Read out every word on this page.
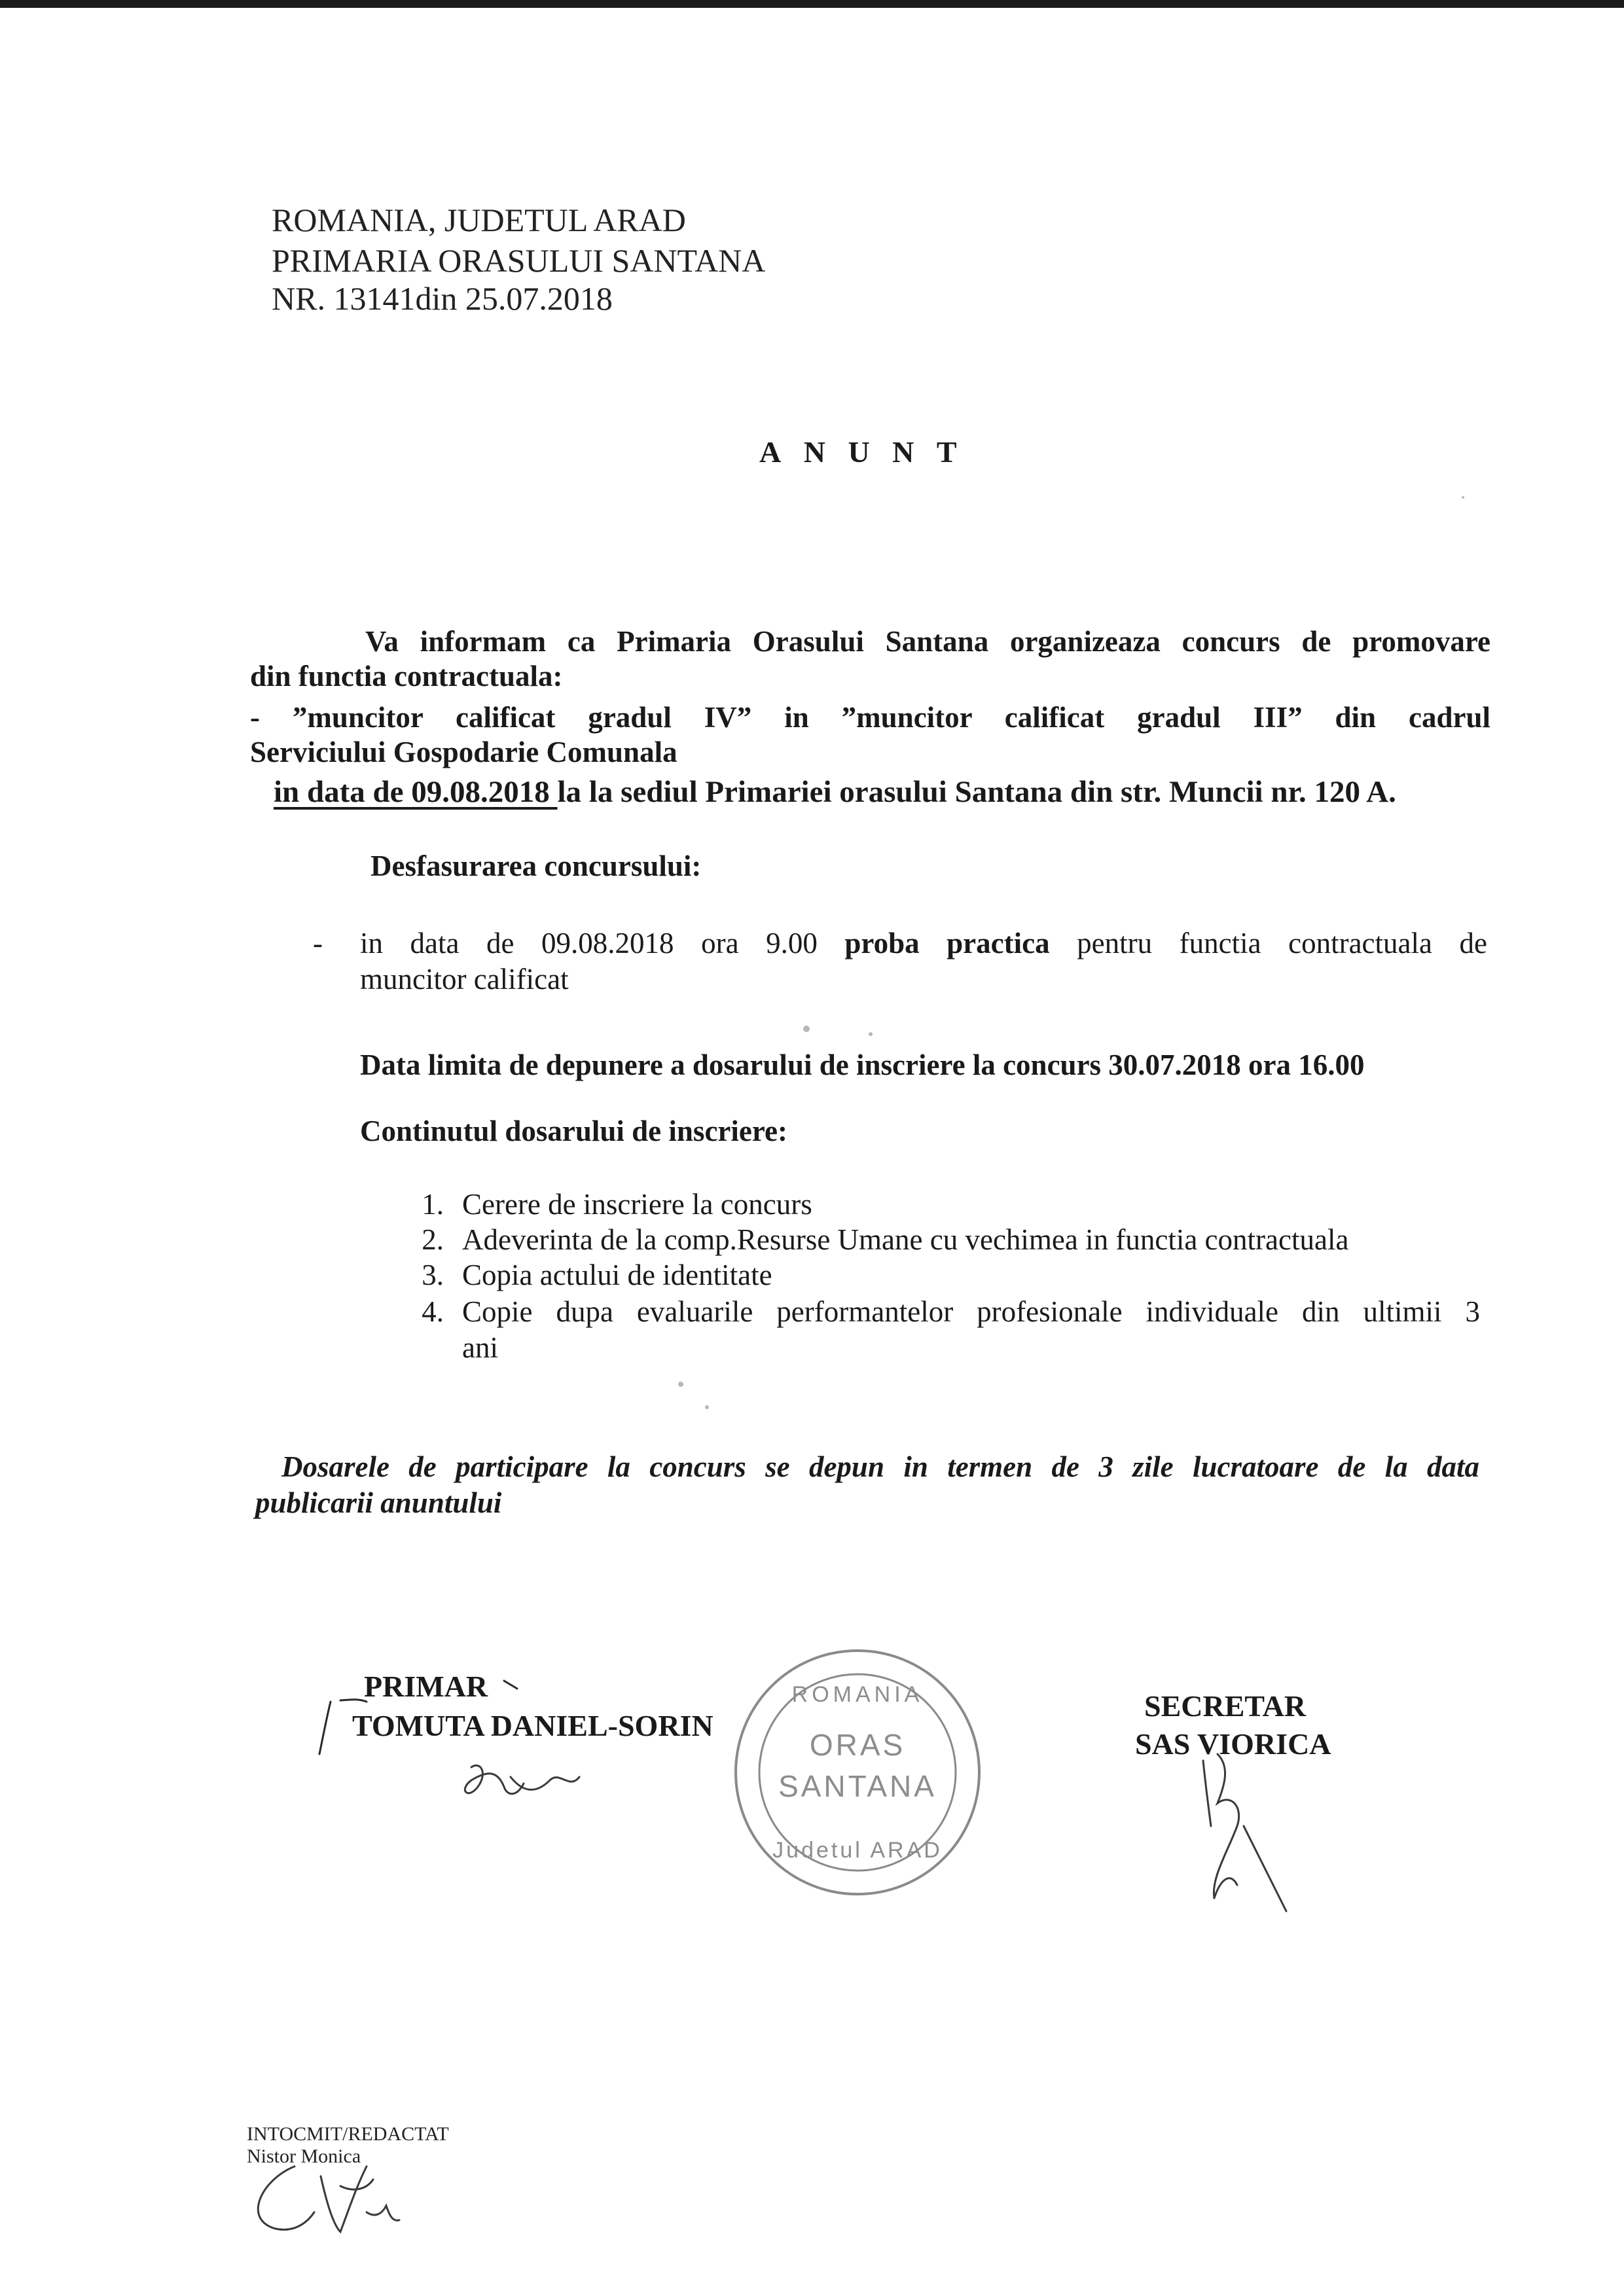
ROMANIA, JUDETUL ARAD
PRIMARIA ORASULUI SANTANA
NR. 13141din 25.07.2018
ANUNT
Va informam ca Primaria Orasului Santana organizeaza concurs de promovare
din functia contractuala:
- ”muncitor calificat gradul IV” in ”muncitor calificat gradul III” din cadrul
Serviciului Gospodarie Comunala
in data de 09.08.2018 la la sediul Primariei orasului Santana din str. Muncii nr. 120 A.
Desfasurarea concursului:
- in data de 09.08.2018 ora 9.00 proba practica pentru functia contractuala de
muncitor calificat
Data limita de depunere a dosarului de inscriere la concurs 30.07.2018 ora 16.00
Continutul dosarului de inscriere:
1. Cerere de inscriere la concurs
2. Adeverinta de la comp.Resurse Umane cu vechimea in functia contractuala
3. Copia actului de identitate
4. Copie dupa evaluarile performantelor profesionale individuale din ultimii 3
ani
Dosarele de participare la concurs se depun in termen de 3 zile lucratoare de la data
publicarii anuntului
PRIMAR
TOMUTA DANIEL-SORIN
SECRETAR
SAS VIORICA
ROMANIA
ORAS
SANTANA
Judetul ARAD
INTOCMIT/REDACTAT
Nistor Monica
